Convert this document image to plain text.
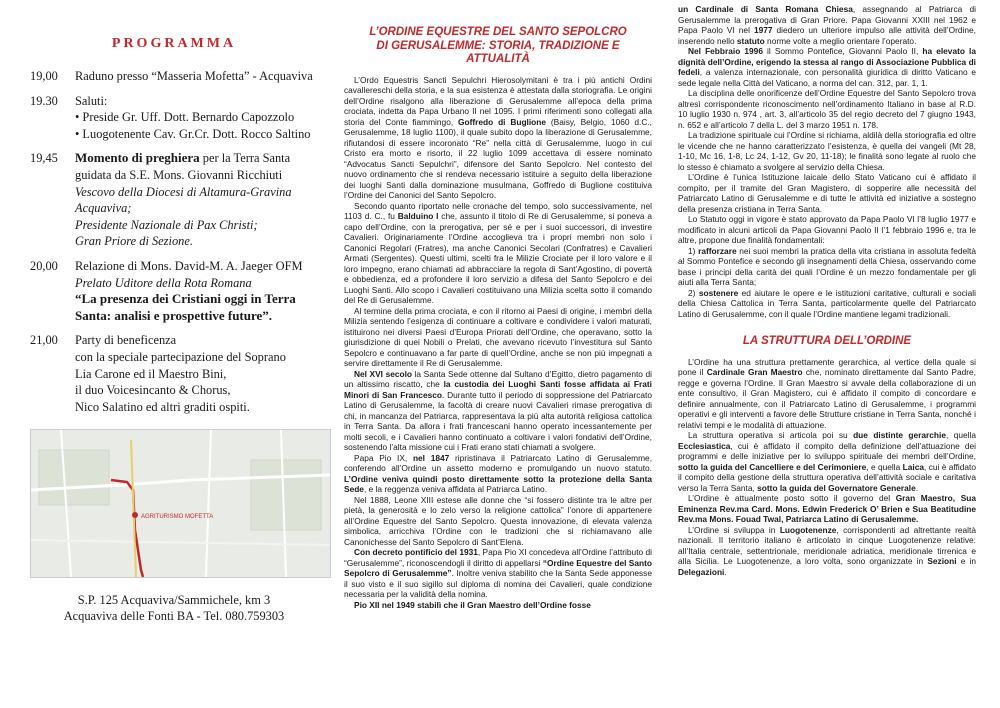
PROGRAMMA
19,00	Raduno presso “Masseria Mofetta” - Acquaviva

19.30	Saluti:

• Preside Gr. Uff. Dott. Bernardo Capozzolo

• Luogotenente Cav. Gr.Cr. Dott. Rocco Saltino

19,45	Momento di preghiera per la Terra Santa

guidata da S.E. Mons. Giovanni Ricchiuti

Vescovo della Diocesi di Altamura-Gravina

Acquaviva;

Presidente Nazionale di Pax Christi;

Gran Priore di Sezione.

20,00	Relazione di Mons. David-M. A. Jaeger OFM

Prelato Uditore della Rota Romana

“La presenza dei Cristiani oggi in Terra Santa: analisi e prospettive future”.

21,00	Party di beneficenza

con la speciale partecipazione del Soprano

Lia Carone ed il Maestro Bini,

il duo Voicesincanto & Chorus,

Nico Salatino ed altri graditi ospiti.

AGRITURISMO MOFETTA
S.P. 125 Acquaviva/Sammichele, km 3
Acquaviva delle Fonti BA - Tel. 080.759303
L’ORDINE EQUESTRE DEL SANTO SEPOLCRO
DI GERUSALEMME: STORIA, TRADIZIONE E ATTUALITÀ

L’Ordo Equestris Sancti Sepulchri Hierosolymitani è tra i più antichi Ordini cavallereschi della storia, e la sua esistenza è attestata dalla storiografia. Le origini dell’Ordine risalgono alla liberazione di Gerusalemme all’epoca della prima crociata, indetta da Papa Urbano II nel 1095. I primi riferimenti sono collegati alla storia del Conte fiammingo, Goffredo di Buglione (Baisy, Belgio, 1060 d.C., Gerusalemme, 18 luglio 1100), il quale subito dopo la liberazione di Gerusalemme, rifiutandosi di essere incoronato “Re” nella città di Gerusalemme, luogo in cui Cristo era morto e risorto, il 22 luglio 1099 accettava di essere nominato “Advocatus Sancti Sepulchri”, difensore del Santo Sepolcro. Nel contesto del nuovo ordinamento che si rendeva necessario istituire a seguito della liberazione dei luoghi Santi dalla dominazione musulmana, Goffredo di Buglione costituiva l’Ordine dei Canonici del Santo Sepolcro.

Secondo quanto riportato nelle cronache del tempo, solo successivamente, nel 1103 d. C., fu Balduino I che, assunto il titolo di Re di Gerusalemme, si poneva a capo dell’Ordine, con la prerogativa, per sé e per i suoi successori, di investire Cavalieri. Originariamente l’Ordine accoglieva tra i propri membri non solo i Canonici Regolari (Fratres), ma anche Canonici Secolari (Confratres) e Cavalieri Armati (Sergentes). Questi ultimi, scelti fra le Milizie Crociate per il loro valore e il loro impegno, erano chiamati ad abbracciare la regola di Sant’Agostino, di povertà e obbedienza, ed a profondere il loro servizio a difesa del Santo Sepolcro e dei Luoghi Santi. Allo scopo i Cavalieri costituivano una Milizia scelta sotto il comando del Re di Gerusalemme.

Al termine della prima crociata, e con il ritorno ai Paesi di origine, i membri della Milizia sentendo l’esigenza di continuare a coltivare e condividere i valori maturati, istituirono nei diversi Paesi d’Europa Priorati dell’Ordine, che operavano, sotto la giurisdizione di quei Nobili o Prelati, che avevano ricevuto l’investitura sul Santo Sepolcro e continuavano a far parte di quell’Ordine, anche se non più impegnati a servire direttamente il Re di Gerusalemme.

Nel XVI secolo la Santa Sede ottenne dal Sultano d’Egitto, dietro pagamento di un altissimo riscatto, che la custodia dei Luoghi Santi fosse affidata ai Frati Minori di San Francesco. Durante tutto il periodo di soppressione del Patriarcato Latino di Gerusalemme, la facoltà di creare nuovi Cavalieri rimase prerogativa di chi, in mancanza del Patriarca, rappresentava la più alta autorità religiosa cattolica in Terra Santa. Da allora i frati francescani hanno operato incessantemente per molti secoli, e i Cavalieri hanno continuato a coltivare i valori fondativi dell’Ordine, sostenendo l’alta missione cui i Frati erano stati chiamati a svolgere.

Papa Pio IX, nel 1847 ripristinava il Patriarcato Latino di Gerusalemme, conferendo all’Ordine un assetto moderno e promulgando un nuovo statuto. L’Ordine veniva quindi posto direttamente sotto la protezione della Santa Sede, e la reggenza veniva affidata al Patriarca Latino.

Nel 1888, Leone XIII estese alle donne che “si fossero distinte tra le altre per pietà, la generosità e lo zelo verso la religione cattolica” l’onore di appartenere all’Ordine Equestre del Santo Sepolcro. Questa innovazione, di elevata valenza simbolica, arricchiva l’Ordine con le tradizioni che si richiamavano alle Canonichesse del Santo Sepolcro di Sant’Elena.

Con decreto pontificio del 1931, Papa Pio XI concedeva all’Ordine l’attributo di “Gerusalemme”, riconoscendogli il diritto di appellarsi “Ordine Equestre del Santo Sepolcro di Gerusalemme”. Inoltre veniva stabilito che la Santa Sede apponesse il suo visto e il suo sigillo sul diploma di nomina dei Cavalieri, quale condizione necessaria per la validità della nomina.

Pio XII nel 1949 stabilì che il Gran Maestro dell’Ordine fosse

un Cardinale di Santa Romana Chiesa, assegnando al Patriarca di Gerusalemme la prerogativa di Gran Priore. Papa Giovanni XXIII nel 1962 e Papa Paolo VI nel 1977 diedero un ulteriore impulso alle attività dell’Ordine, inserendo nello statuto norme volte a meglio orientare l’operato.

Nel Febbraio 1996 il Sommo Pontefice, Giovanni Paolo II, ha elevato la dignità dell’Ordine, erigendo la stessa al rango di Associazione Pubblica di fedeli, a valenza internazionale, con personalità giuridica di diritto Vaticano e sede legale nella Città del Vaticano, a norma del can. 312, par. 1, 1.

La disciplina delle onorificenze dell’Ordine Equestre del Santo Sepolcro trova altresì corrispondente riconoscimento nell’ordinamento Italiano in base al R.D. 10 luglio 1930 n. 974 , art. 3, all’articolo 35 del regio decreto del 7 giugno 1943, n. 652 e all’articolo 7 della L. del 3 marzo 1951 n. 178.

La tradizione spirituale cui l’Ordine si richiama, aldilà della storiografia ed oltre le vicende che ne hanno caratterizzato l’esistenza, è quella dei vangeli (Mt 28, 1-10, Mc 16, 1-8, Lc 24, 1-12, Gv 20, 11-18); le finalità sono legate al ruolo che lo stesso è chiamato a svolgere al servizio della Chiesa.

L’Ordine è l’unica Istituzione laicale dello Stato Vaticano cui è affidato il compito, per il tramite del Gran Magistero, di sopperire alle necessità del Patriarcato Latino di Gerusalemme e di tutte le attività ed iniziative a sostegno della presenza cristiana in Terra Santa.

Lo Statuto oggi in vigore è stato approvato da Papa Paolo VI l’8 luglio 1977 e modificato in alcuni articoli da Papa Giovanni Paolo II l’1 febbraio 1996 e, tra le altre, propone due finalità fondamentali:

1) rafforzare nei suoi membri la pratica della vita cristiana in assoluta fedeltà al Sommo Pontefice e secondo gli insegnamenti della Chiesa, osservando come base i principi della carità dei quali l’Ordine è un mezzo fondamentale per gli aiuti alla Terra Santa;

2) sostenere ed aiutare le opere e le istituzioni caritative, culturali e sociali della Chiesa Cattolica in Terra Santa, particolarmente quelle del Patriarcato Latino di Gerusalemme, con il quale l’Ordine mantiene legami tradizionali.

LA STRUTTURA DELL’ORDINE

L’Ordine ha una struttura prettamente gerarchica, al vertice della quale si pone il Cardinale Gran Maestro che, nominato direttamente dal Santo Padre, regge e governa l’Ordine. Il Gran Maestro si avvale della collaborazione di un ente consultivo, il Gran Magistero, cui è affidato il compito di concordare e definire annualmente, con il Patriarcato Latino di Gerusalemme, i programmi operativi e gli interventi a favore delle Strutture cristiane in Terra Santa, nonché i relativi tempi e le modalità di attuazione.

La struttura operativa si articola poi su due distinte gerarchie, quella Ecclesiastica, cui è affidato il compito della definizione dell’attuazione dei programmi e delle iniziative per lo sviluppo spirituale dei membri dell’Ordine, sotto la guida del Cancelliere e del Cerimoniere, e quella Laica, cui è affidato il compito della gestione della struttura operativa dell’attività sociale e caritativa verso la Terra Santa, sotto la guida del Governatore Generale.

L’Ordine è attualmente posto sotto il governo del Gran Maestro, Sua Eminenza Rev.ma Card. Mons. Edwin Frederick O’ Brien e Sua Beatitudine Rev.ma Mons. Fouad Twal, Patriarca Latino di Gerusalemme.

L’Ordine si sviluppa in Luogotenenze, corrispondenti ad altrettante realtà nazionali. Il territorio italiano è articolato in cinque Luogotenenze relative: all’Italia centrale, settentrionale, meridionale adriatica, meridionale tirrenica e alla Sicilia. Le Luogotenenze, a loro volta, sono organizzate in Sezioni e in Delegazioni.
